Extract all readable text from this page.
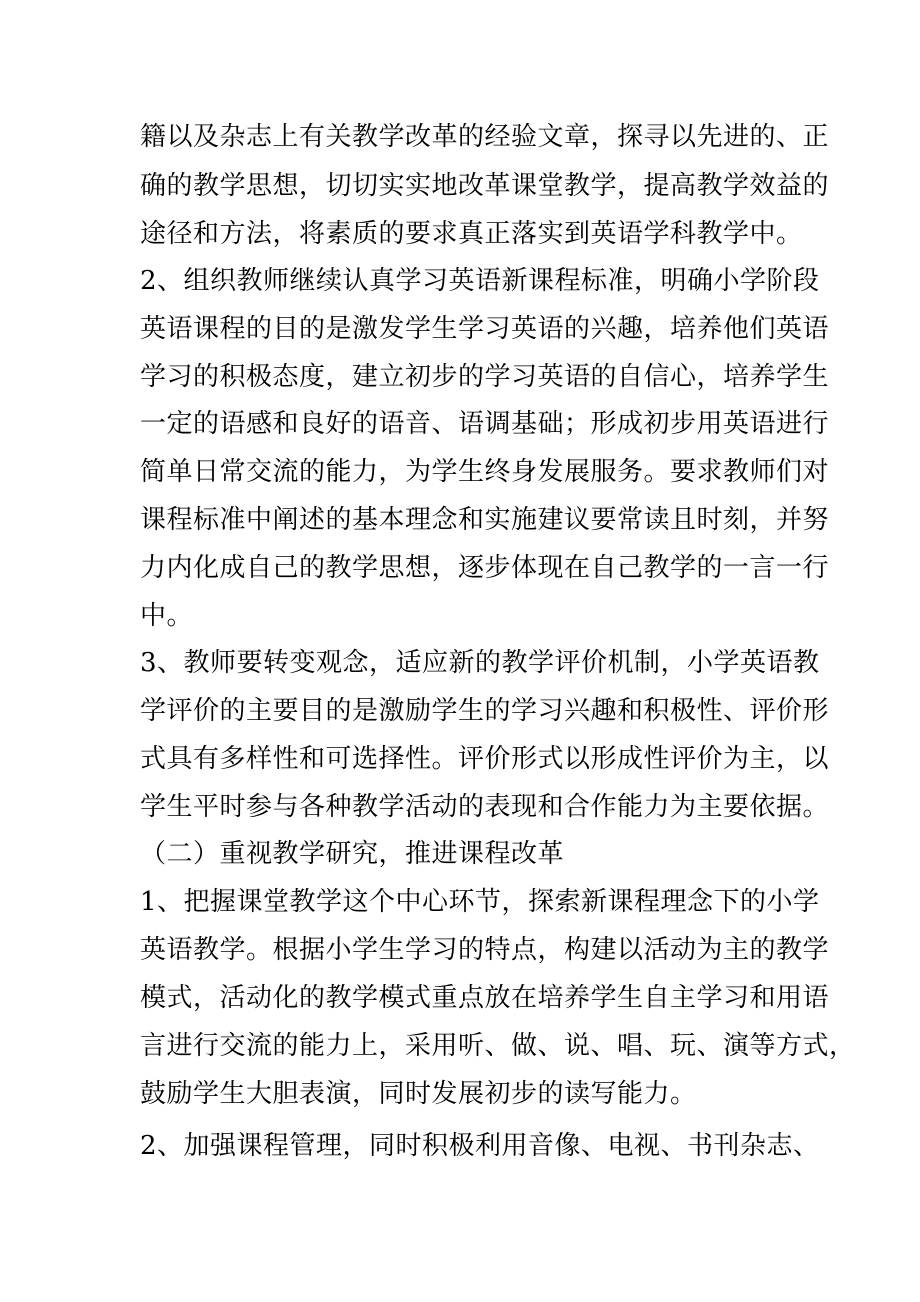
籍以及杂志上有关教学改革的经验文章，探寻以先进的、正
确的教学思想，切切实实地改革课堂教学，提高教学效益的
途径和方法，将素质的要求真正落实到英语学科教学中。
2、组织教师继续认真学习英语新课程标准，明确小学阶段
英语课程的目的是激发学生学习英语的兴趣，培养他们英语
学习的积极态度，建立初步的学习英语的自信心，培养学生
一定的语感和良好的语音、语调基础；形成初步用英语进行
简单日常交流的能力，为学生终身发展服务。要求教师们对
课程标准中阐述的基本理念和实施建议要常读且时刻，并努
力内化成自己的教学思想，逐步体现在自己教学的一言一行
中。
3、教师要转变观念，适应新的教学评价机制，小学英语教
学评价的主要目的是激励学生的学习兴趣和积极性、评价形
式具有多样性和可选择性。评价形式以形成性评价为主，以
学生平时参与各种教学活动的表现和合作能力为主要依据。
（二）重视教学研究，推进课程改革
1、把握课堂教学这个中心环节，探索新课程理念下的小学
英语教学。根据小学生学习的特点，构建以活动为主的教学
模式，活动化的教学模式重点放在培养学生自主学习和用语
言进行交流的能力上，采用听、做、说、唱、玩、演等方式，
鼓励学生大胆表演，同时发展初步的读写能力。
2、加强课程管理，同时积极利用音像、电视、书刊杂志、
